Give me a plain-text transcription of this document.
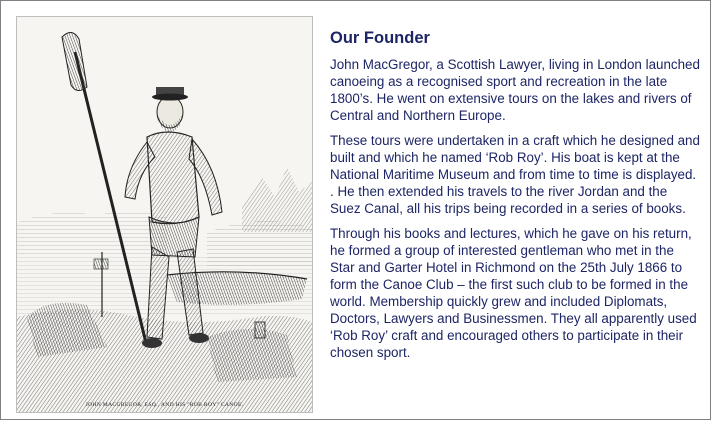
JOHN MACGREGOR, ESQ., AND HIS "ROB ROY" CANOE.
Our Founder

John MacGregor, a Scottish Lawyer, living in London launched canoeing as a recognised sport and recreation in the late 1800’s. He went on extensive tours on the lakes and rivers of Central and Northern Europe.

These tours were undertaken in a craft which he designed and built and which he named ‘Rob Roy’. His boat is kept at the National Maritime Museum and from time to time is displayed. . He then extended his travels to the river Jordan and the Suez Canal, all his trips being recorded in a series of books.

Through his books and lectures, which he gave on his return, he formed a group of interested gentleman who met in the Star and Garter Hotel in Richmond on the 25th July 1866 to form the Canoe Club – the first such club to be formed in the world. Membership quickly grew and included Diplomats, Doctors, Lawyers and Businessmen. They all apparently used ‘Rob Roy’ craft and encouraged others to participate in their chosen sport.
